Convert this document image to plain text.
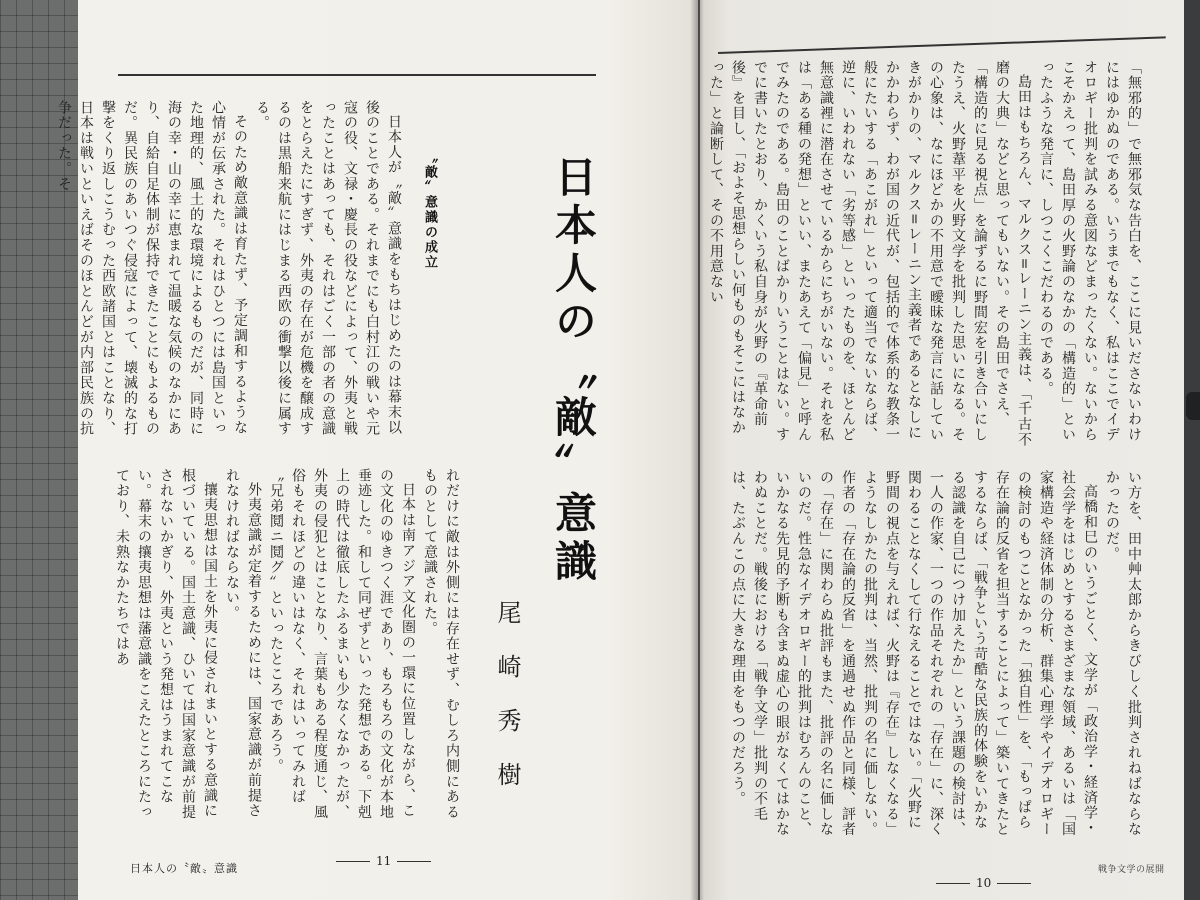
日本人の〝敵〟意識
尾崎秀樹
〝敵〟意識の成立

日本人が〝敵〟意識をもちはじめたのは幕末以後のことである。それまでにも白村江の戦いや元寇の役、文禄・慶長の役などによって、外夷と戦ったことはあっても、それはごく一部の者の意識をとらえたにすぎず、外夷の存在が危機を醸成するのは黒船来航にはじまる西欧の衝撃以後に属する。

そのため敵意識は育たず、予定調和するような心情が伝承された。それはひとつには島国といった地理的、風土的な環境によるものだが、同時に海の幸・山の幸に恵まれて温暖な気候のなかにあり、自給自足体制が保持できたことにもよるものだ。異民族のあいつぐ侵寇によって、壊滅的な打撃をくり返しこうむった西欧諸国とはことなり、日本は戦いといえばそのほとんどが内部民族の抗争だった。そ

れだけに敵は外側には存在せず、むしろ内側にあるものとして意識された。

日本は南アジア文化圏の一環に位置しながら、この文化のゆきつく涯であり、もろもろの文化が本地垂迹した。和して同ぜずといった発想である。下剋上の時代は徹底したふるまいも少なくなかったが、外夷の侵犯とはことなり、言葉もある程度通じ、風俗もそれほどの違いはなく、それはいってみれば〝兄弟鬩ニ鬩グ〟といったところであろう。

外夷意識が定着するためには、国家意識が前提されなければならない。

攘夷思想は国土を外夷に侵されまいとする意識に根づいている。国土意識、ひいては国家意識が前提されないかぎり、外夷という発想はうまれてこない。幕末の攘夷思想は藩意識をこえたところにたっており、未熟なかたちではあ

日本人の〝敵〟意識
11

「無邪的」で無邪気な告白を、ここに見いださないわけにはゆかぬのである。いうまでもなく、私はここでイデオロギー批判を試みる意図などまったくない。ないからこそかえって、島田厚の火野論のなかの「構造的」といったふうな発言に、しつこくこだわるのである。

島田はもちろん、マルクス=レーニン主義は、「千古不磨の大典」などと思ってもいない。その島田でさえ、「構造的に見る視点」を論ずるに野間宏を引き合いにしたうえ、火野葦平を火野文学を批判した思いになる。その心象は、なにほどかの不用意で曖昧な発言に話していきがかりの、マルクス=レーニン主義者であるとなしにかかわらず、わが国の近代が、包括的で体系的な教条一般にたいする「あこがれ」といって適当でないならば、逆に、いわれない「劣等感」といったものを、ほとんど無意識裡に潜在させているからにちがいない。それを私は「ある種の発想」といい、またあえて「偏見」と呼んでみたのである。島田のことばかりいうことはない。すでに書いたとおり、かくいう私自身が火野の『革命前後』を目し、「およそ思想らしい何ものもそこにはなかった」と論断して、その不用意ない

い方を、田中艸太郎からきびしく批判されねばならなかったのだ。

高橋和巳のいうごとく、文学が「政治学・経済学・社会学をはじめとするさまざまな領域、あるいは「国家構造や経済体制の分析、群集心理学やイデオロギーの検討のもつことなかった「独自性」を、「もっぱら存在論的反省を担当することによって」築いてきたとするならば、「戦争という苛酷な民族的体験をいかなる認識を自己につけ加えたか」という課題の検討は、一人の作家、一つの作品それぞれの「存在」に、深く関わることなくして行なえることではない。「火野に野間の視点を与えれば、火野は『存在』しなくなる」ようなしかたの批判は、当然、批判の名に価しない。作者の「存在論的反省」を通過せぬ作品と同様、評者の「存在」に関わらぬ批評もまた、批評の名に価しないのだ。性急なイデオロギー的批判はむろんのこと、いかなる先見的予断も含まぬ虚心の眼がなくてはかなわぬことだ。戦後における「戦争文学」批判の不毛は、たぶんこの点に大きな理由をもつのだろう。

戦争文学の展開
10
